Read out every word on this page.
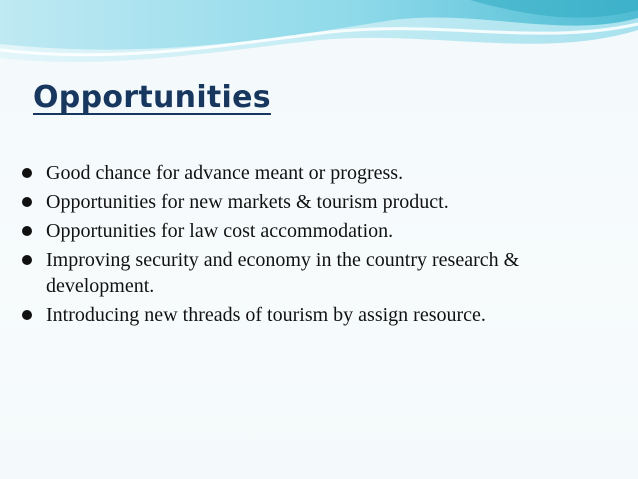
Opportunities
Good chance for advance meant or progress.
Opportunities for new markets & tourism product.
Opportunities for law cost accommodation.
Improving security and economy in the country research & development.
Introducing new threads of tourism by assign resource.
